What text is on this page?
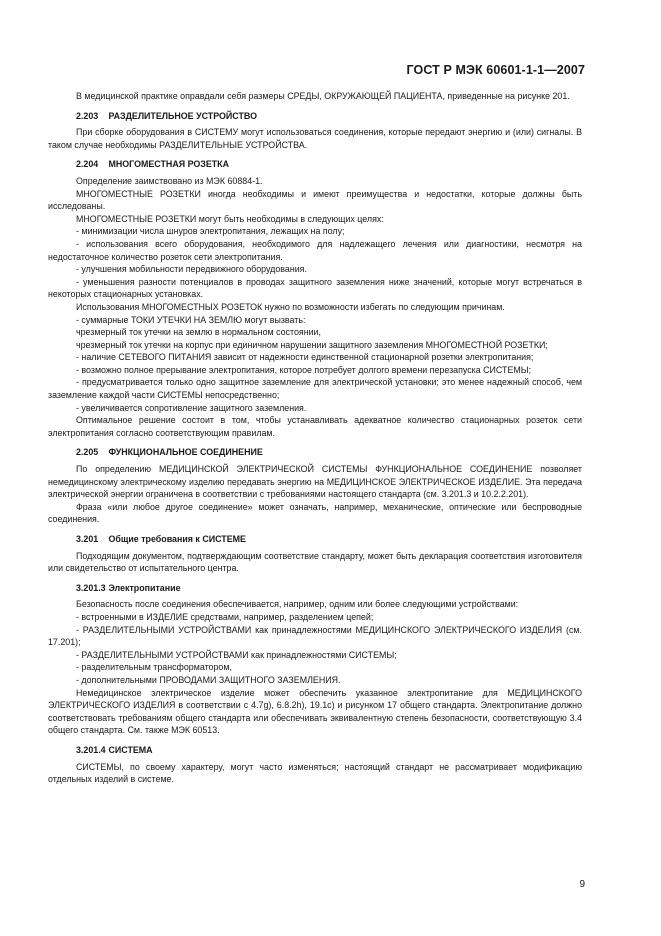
ГОСТ Р МЭК 60601-1-1—2007

В медицинской практике оправдали себя размеры СРЕДЫ, ОКРУЖАЮЩЕЙ ПАЦИЕНТА, приведенные на рисунке 201.

2.203 РАЗДЕЛИТЕЛЬНОЕ УСТРОЙСТВО

При сборке оборудования в СИСТЕМУ могут использоваться соединения, которые передают энергию и (или) сигналы. В таком случае необходимы РАЗДЕЛИТЕЛЬНЫЕ УСТРОЙСТВА.

2.204 МНОГОМЕСТНАЯ РОЗЕТКА

Определение заимствовано из МЭК 60884-1.

МНОГОМЕСТНЫЕ РОЗЕТКИ иногда необходимы и имеют преимущества и недостатки, которые должны быть исследованы.

МНОГОМЕСТНЫЕ РОЗЕТКИ могут быть необходимы в следующих целях:

- минимизации числа шнуров электропитания, лежащих на полу;

- использования всего оборудования, необходимого для надлежащего лечения или диагностики, несмотря на недостаточное количество розеток сети электропитания.

- улучшения мобильности передвижного оборудования.

- уменьшения разности потенциалов в проводах защитного заземления ниже значений, которые могут встречаться в некоторых стационарных установках.

Использования МНОГОМЕСТНЫХ РОЗЕТОК нужно по возможности избегать по следующим причинам.

- суммарные ТОКИ УТЕЧКИ НА ЗЕМЛЮ могут вызвать:

чрезмерный ток утечки на землю в нормальном состоянии,

чрезмерный ток утечки на корпус при единичном нарушении защитного заземления МНОГОМЕСТНОЙ РОЗЕТКИ;

- наличие СЕТЕВОГО ПИТАНИЯ зависит от надежности единственной стационарной розетки электропитания;

- возможно полное прерывание электропитания, которое потребует долгого времени перезапуска СИСТЕМЫ;

- предусматривается только одно защитное заземление для электрической установки; это менее надежный способ, чем заземление каждой части СИСТЕМЫ непосредственно;

- увеличивается сопротивление защитного заземления.

Оптимальное решение состоит в том, чтобы устанавливать адекватное количество стационарных розеток сети электропитания согласно соответствующим правилам.

2.205 ФУНКЦИОНАЛЬНОЕ СОЕДИНЕНИЕ

По определению МЕДИЦИНСКОЙ ЭЛЕКТРИЧЕСКОЙ СИСТЕМЫ ФУНКЦИОНАЛЬНОЕ СОЕДИНЕНИЕ позволяет немедицинскому электрическому изделию передавать энергию на МЕДИЦИНСКОЕ ЭЛЕКТРИЧЕСКОЕ ИЗДЕЛИЕ. Эта передача электрической энергии ограничена в соответствии с требованиями настоящего стандарта (см. 3.201.3 и 10.2.2.201).

Фраза «или любое другое соединение» может означать, например, механические, оптические или беспроводные соединения.

3.201 Общие требования к СИСТЕМЕ

Подходящим документом, подтверждающим соответствие стандарту, может быть декларация соответствия изготовителя или свидетельство от испытательного центра.

3.201.3 Электропитание

Безопасность после соединения обеспечивается, например, одним или более следующими устройствами:

- встроенными в ИЗДЕЛИЕ средствами, например, разделением цепей;

- РАЗДЕЛИТЕЛЬНЫМИ УСТРОЙСТВАМИ как принадлежностями МЕДИЦИНСКОГО ЭЛЕКТРИЧЕСКОГО ИЗДЕЛИЯ (см. 17.201);

- РАЗДЕЛИТЕЛЬНЫМИ УСТРОЙСТВАМИ как принадлежностями СИСТЕМЫ;

- разделительным трансформатором,

- дополнительными ПРОВОДАМИ ЗАЩИТНОГО ЗАЗЕМЛЕНИЯ.

Немедицинское электрическое изделие может обеспечить указанное электропитание для МЕДИЦИНСКОГО ЭЛЕКТРИЧЕСКОГО ИЗДЕЛИЯ в соответствии с 4.7g), 6.8.2h), 19.1c) и рисунком 17 общего стандарта. Электропитание должно соответствовать требованиям общего стандарта или обеспечивать эквивалентную степень безопасности, соответствующую 3.4 общего стандарта. См. также МЭК 60513.

3.201.4 СИСТЕМА

СИСТЕМЫ, по своему характеру, могут часто изменяться; настоящий стандарт не рассматривает модификацию отдельных изделий в системе.

9
